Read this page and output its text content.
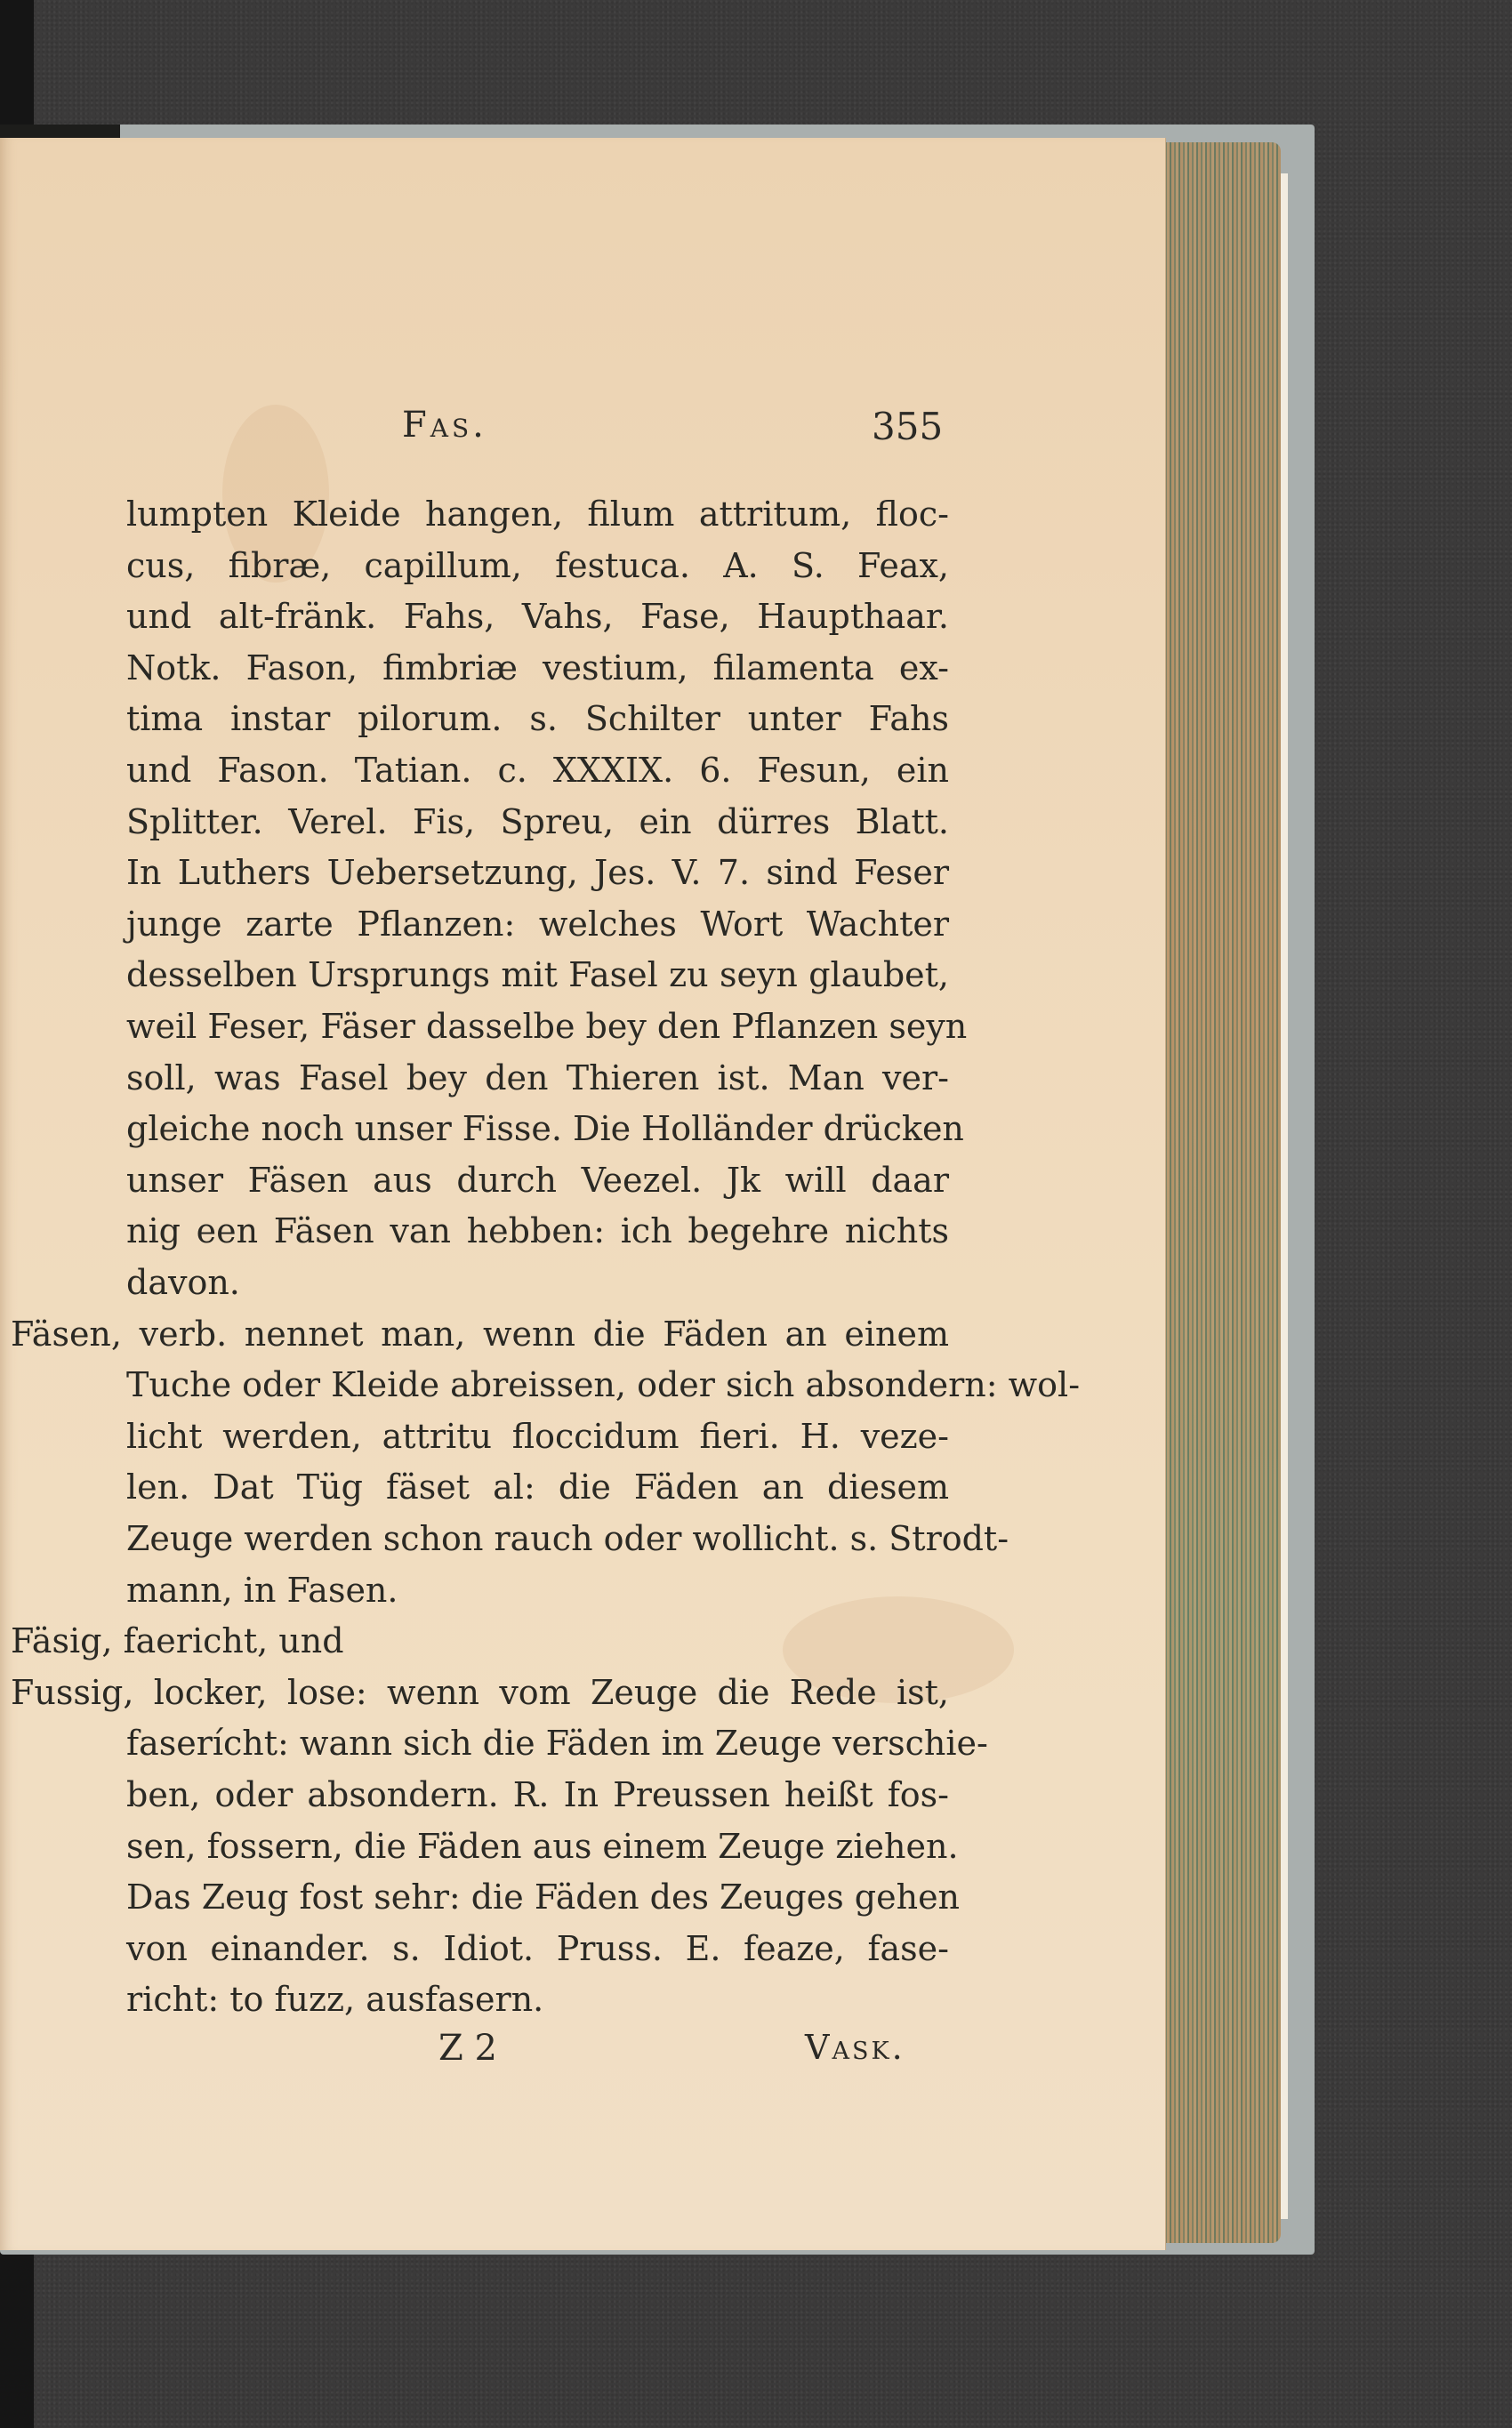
Fas.	355
lumpten Kleide hangen, filum attritum, floc-
cus, fibræ, capillum, festuca. A. S. Feax,
und alt-fränk. Fahs, Vahs, Fase, Haupthaar.
Notk. Fason, fimbriæ vestium, filamenta ex-
tima instar pilorum. s. Schilter unter Fahs
und Fason. Tatian. c. XXXIX. 6. Fesun, ein
Splitter. Verel. Fis, Spreu, ein dürres Blatt.
In Luthers Uebersetzung, Jes. V. 7. sind Feser
junge zarte Pflanzen: welches Wort Wachter
desselben Ursprungs mit Fasel zu seyn glaubet,
weil Feser, Fäser dasselbe bey den Pflanzen seyn
soll, was Fasel bey den Thieren ist. Man ver-
gleiche noch unser Fisse. Die Holländer drücken
unser Fäsen aus durch Veezel. Jk will daar
nig een Fäsen van hebben: ich begehre nichts
davon.
Fäsen, verb. nennet man, wenn die Fäden an einem
Tuche oder Kleide abreissen, oder sich absondern: wol-
licht werden, attritu floccidum fieri. H. veze-
len. Dat Tüg fäset al: die Fäden an diesem
Zeuge werden schon rauch oder wollicht. s. Strodt-
mann, in Fasen.
Fäsig, faericht, und
Fussig, locker, lose: wenn vom Zeuge die Rede ist,
faserícht: wann sich die Fäden im Zeuge verschie-
ben, oder absondern. R. In Preussen heißt fos-
sen, fossern, die Fäden aus einem Zeuge ziehen.
Das Zeug fost sehr: die Fäden des Zeuges gehen
von einander. s. Idiot. Pruss. E. feaze, fase-
richt: to fuzz, ausfasern.
Z 2	Vask.
